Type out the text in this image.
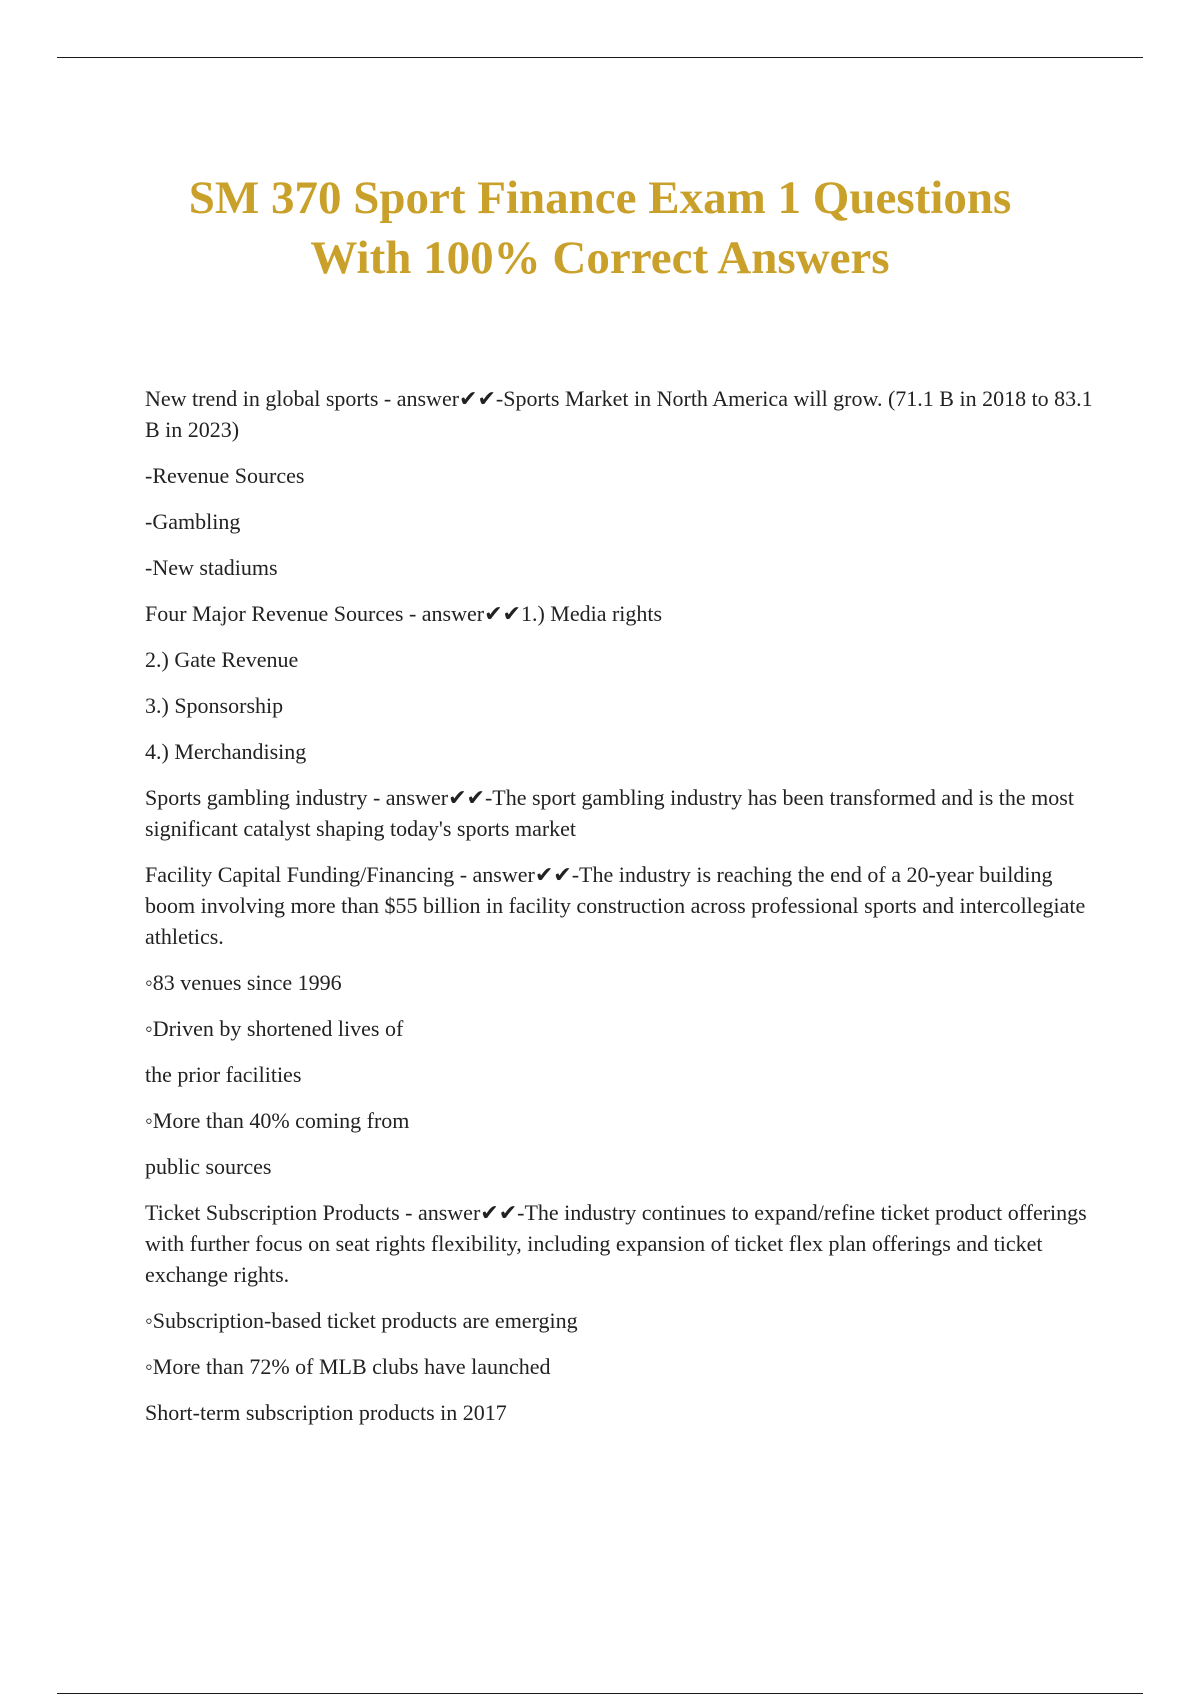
SM 370 Sport Finance Exam 1 Questions
With 100% Correct Answers

New trend in global sports - answer✔✔-Sports Market in North America will grow. (71.1 B in 2018 to 83.1 B in 2023)

-Revenue Sources

-Gambling

-New stadiums

Four Major Revenue Sources - answer✔✔1.) Media rights

2.) Gate Revenue

3.) Sponsorship

4.) Merchandising

Sports gambling industry - answer✔✔-The sport gambling industry has been transformed and is the most significant catalyst shaping today's sports market

Facility Capital Funding/Financing - answer✔✔-The industry is reaching the end of a 20-year building boom involving more than $55 billion in facility construction across professional sports and intercollegiate athletics.

◦83 venues since 1996

◦Driven by shortened lives of

the prior facilities

◦More than 40% coming from

public sources

Ticket Subscription Products - answer✔✔-The industry continues to expand/refine ticket product offerings with further focus on seat rights flexibility, including expansion of ticket flex plan offerings and ticket exchange rights.

◦Subscription-based ticket products are emerging

◦More than 72% of MLB clubs have launched

Short-term subscription products in 2017
